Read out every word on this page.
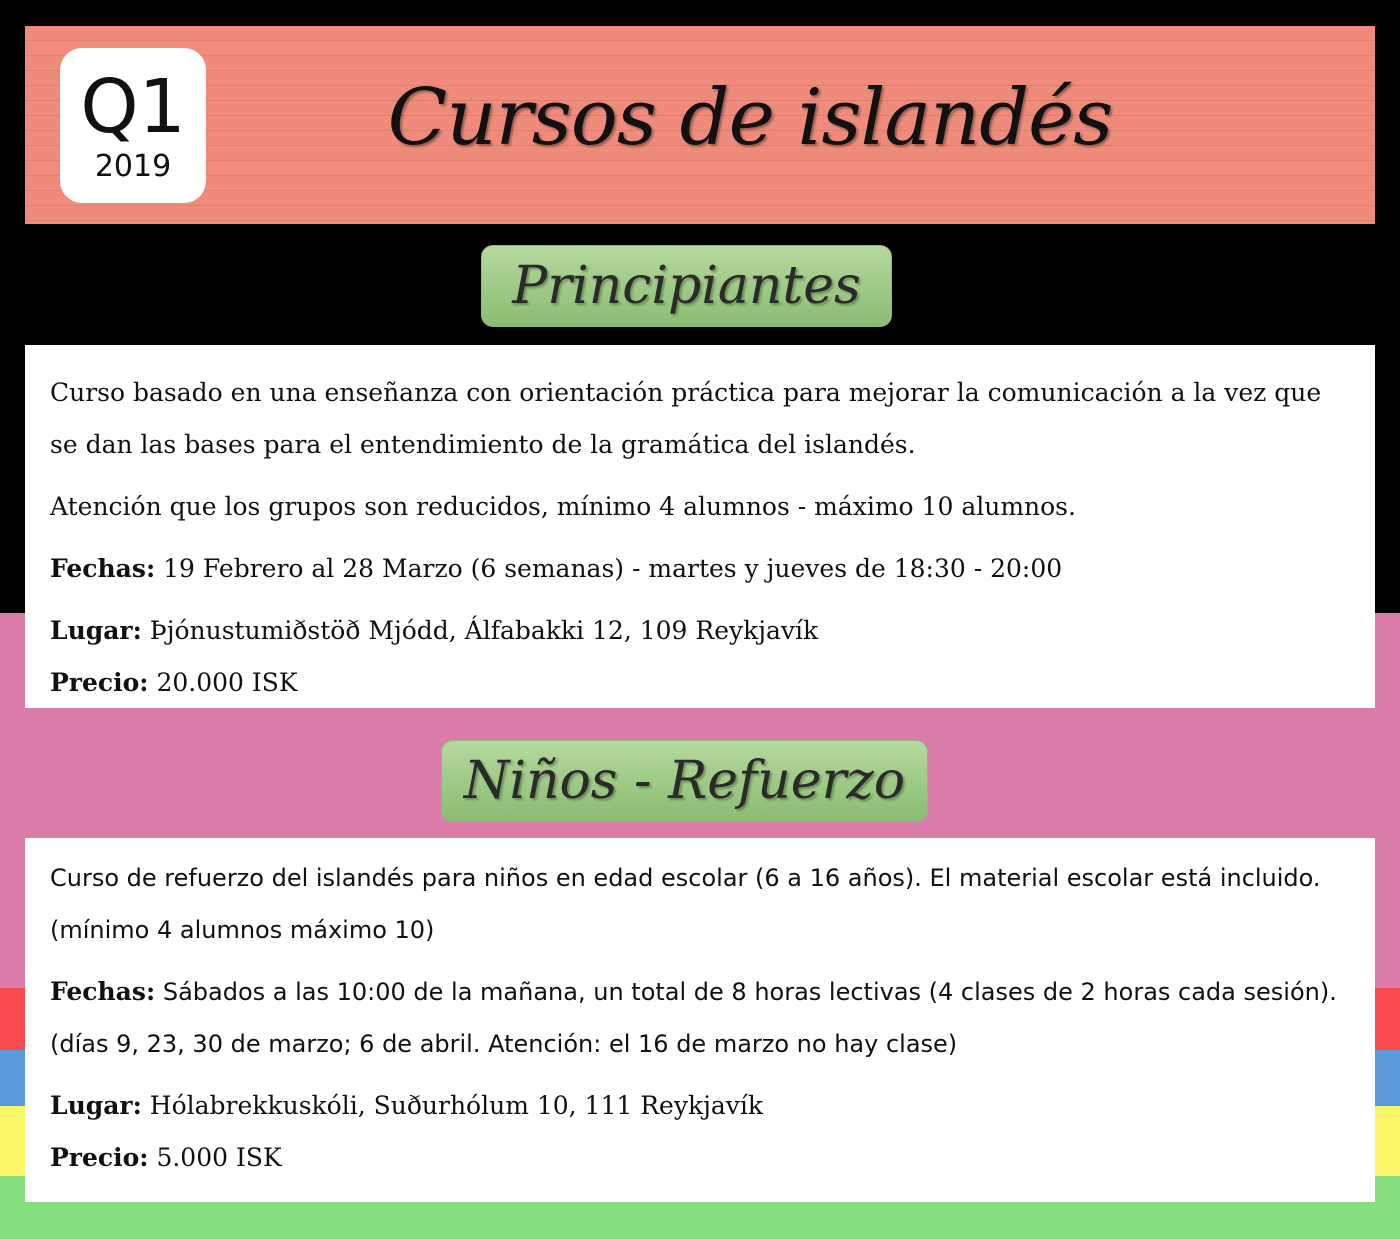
Q1
2019
Cursos de islandés
Principiantes

Curso basado en una enseñanza con orientación práctica para mejorar la comunicación a la vez que

se dan las bases para el entendimiento de la gramática del islandés.

Atención que los grupos son reducidos, mínimo 4 alumnos - máximo 10 alumnos.

Fechas: 19 Febrero al 28 Marzo (6 semanas) - martes y jueves de 18:30 - 20:00

Lugar: Þjónustumiðstöð Mjódd, Álfabakki 12, 109 Reykjavík

Precio: 20.000 ISK

Niños - Refuerzo

Curso de refuerzo del islandés para niños en edad escolar (6 a 16 años). El material escolar está incluido.

(mínimo 4 alumnos máximo 10)

Fechas: Sábados a las 10:00 de la mañana, un total de 8 horas lectivas (4 clases de 2 horas cada sesión).

(días 9, 23, 30 de marzo; 6 de abril. Atención: el 16 de marzo no hay clase)

Lugar: Hólabrekkuskóli, Suðurhólum 10, 111 Reykjavík

Precio: 5.000 ISK
